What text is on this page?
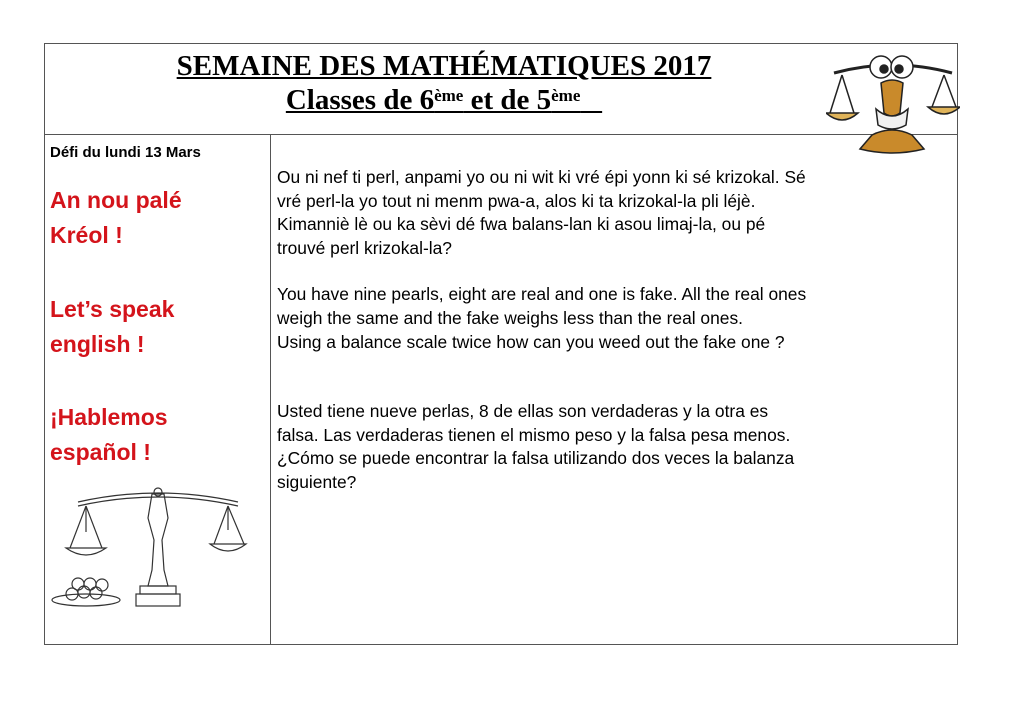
SEMAINE DES MATHÉMATIQUES 2017
Classes de 6ème et de 5ème
Défi du lundi 13 Mars
An nou palé
Kréol !
Let’s speak
english !
¡Hablemos
español !

Ou ni nef ti perl, anpami yo ou ni wit ki vré épi yonn ki sé krizokal. Sé

vré perl-la yo tout ni menm pwa-a, alos ki ta krizokal-la pli léjè.

Kimanniè lè ou ka sèvi dé fwa balans-lan ki asou limaj-la, ou pé

trouvé perl krizokal-la?

You have nine pearls, eight are real and one is fake. All the real ones

weigh the same and the fake weighs less than the real ones.

Using a balance scale twice how can you weed out the fake one ?

Usted tiene nueve perlas, 8 de ellas son verdaderas y la otra es

falsa. Las verdaderas tienen el mismo peso y la falsa pesa menos.

¿Cómo se puede encontrar la falsa utilizando dos veces la balanza

siguiente?
